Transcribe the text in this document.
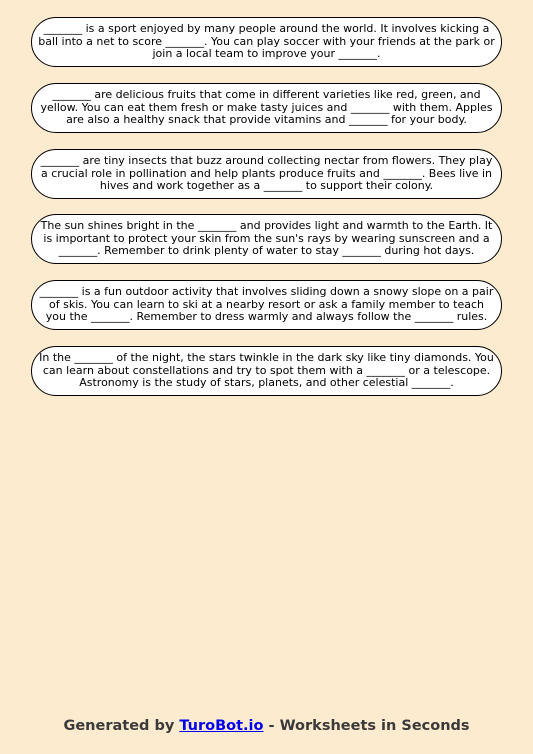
_______ is a sport enjoyed by many people around the world. It involves kicking a ball into a net to score _______. You can play soccer with your friends at the park or join a local team to improve your _______.
_______ are delicious fruits that come in different varieties like red, green, and yellow. You can eat them fresh or make tasty juices and _______ with them. Apples are also a healthy snack that provide vitamins and _______ for your body.
_______ are tiny insects that buzz around collecting nectar from flowers. They play a crucial role in pollination and help plants produce fruits and _______. Bees live in hives and work together as a _______ to support their colony.
The sun shines bright in the _______ and provides light and warmth to the Earth. It is important to protect your skin from the sun's rays by wearing sunscreen and a _______. Remember to drink plenty of water to stay _______ during hot days.
_______ is a fun outdoor activity that involves sliding down a snowy slope on a pair of skis. You can learn to ski at a nearby resort or ask a family member to teach you the _______. Remember to dress warmly and always follow the _______ rules.
In the _______ of the night, the stars twinkle in the dark sky like tiny diamonds. You can learn about constellations and try to spot them with a _______ or a telescope. Astronomy is the study of stars, planets, and other celestial _______.
Generated by TuroBot.io - Worksheets in Seconds
